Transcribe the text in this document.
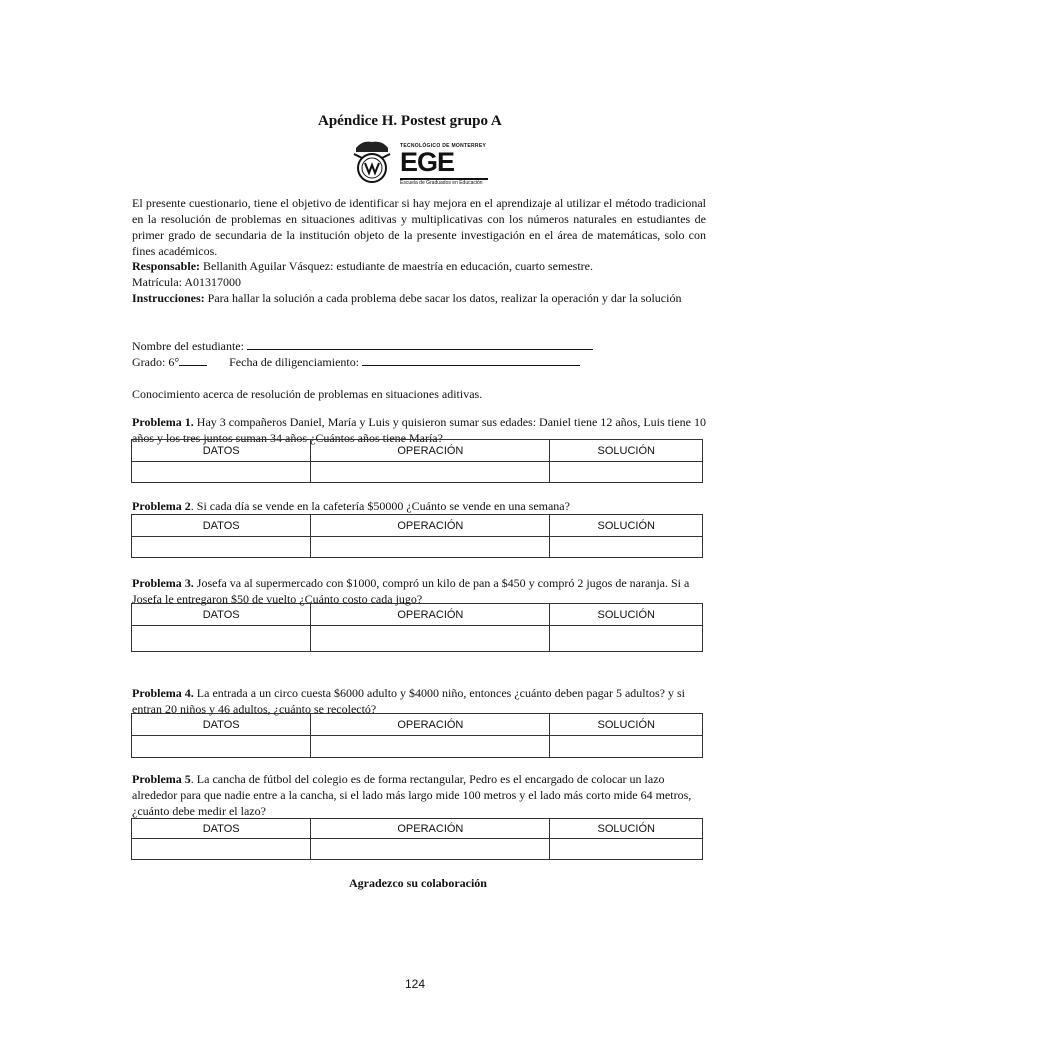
Apéndice H. Postest grupo A
TECNOLÓGICO DE MONTERREY
EGE
Escuela de Graduados en Educación

El presente cuestionario, tiene el objetivo de identificar si hay mejora en el aprendizaje al utilizar el método tradicional en la resolución de problemas en situaciones aditivas y multiplicativas con los números naturales en estudiantes de primer grado de secundaria de la institución objeto de la presente investigación en el área de matemáticas, solo con fines académicos.

Responsable: Bellanith Aguilar Vásquez: estudiante de maestría en educación, cuarto semestre.
Matrícula: A01317000

Instrucciones: Para hallar la solución a cada problema debe sacar los datos, realizar la operación y dar la solución

Nombre del estudiante:
Grado: 6°	Fecha de diligenciamiento:
Conocimiento acerca de resolución de problemas en situaciones aditivas.

Problema 1. Hay 3 compañeros Daniel, María y Luis y quisieron sumar sus edades: Daniel tiene 12 años, Luis tiene 10 años y los tres juntos suman 34 años ¿Cuántos años tiene María?

DATOS	OPERACIÓN	SOLUCIÓN

Problema 2. Si cada día se vende en la cafetería $50000 ¿Cuánto se vende en una semana?

DATOS	OPERACIÓN	SOLUCIÓN

Problema 3. Josefa va al supermercado con $1000, compró un kilo de pan a $450 y compró 2 jugos de naranja. Si a Josefa le entregaron $50 de vuelto ¿Cuánto costo cada jugo?

DATOS	OPERACIÓN	SOLUCIÓN

Problema 4. La entrada a un circo cuesta $6000 adulto y $4000 niño, entonces ¿cuánto deben pagar 5 adultos? y si entran 20 niños y 46 adultos, ¿cuánto se recolectó?

DATOS	OPERACIÓN	SOLUCIÓN

Problema 5. La cancha de fútbol del colegio es de forma rectangular, Pedro es el encargado de colocar un lazo alrededor para que nadie entre a la cancha, si el lado más largo mide 100 metros y el lado más corto mide 64 metros, ¿cuánto debe medir el lazo?

DATOS	OPERACIÓN	SOLUCIÓN

Agradezco su colaboración
124
